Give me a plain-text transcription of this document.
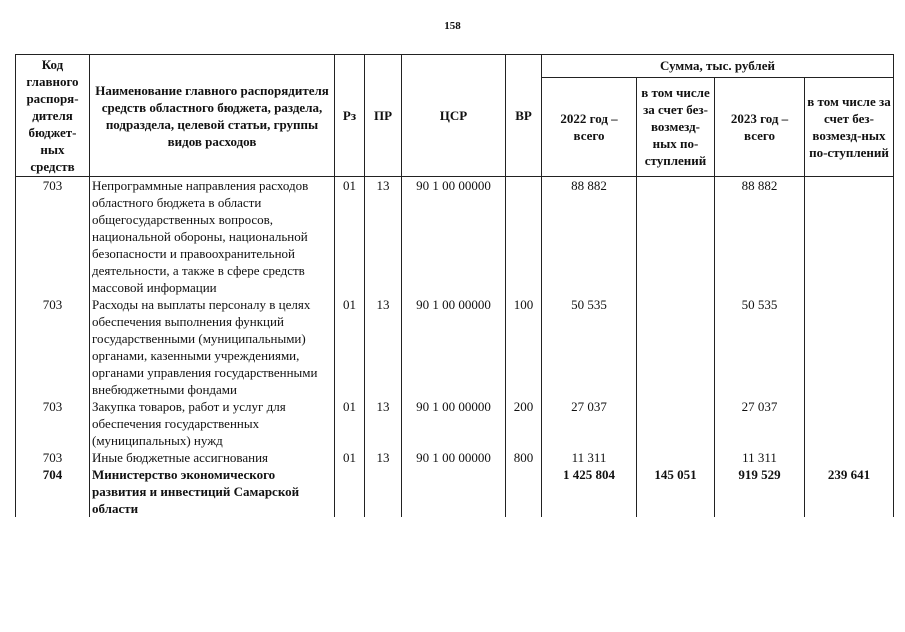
158
Код главного распоря-дителя бюджет-ных средств	Наименование главного распорядителя средств областного бюджета, раздела, подраздела, целевой статьи, группы видов расходов	Рз	ПР	ЦСР	ВР	Сумма, тыс. рублей			
						2022 год – всего	в том числе за счет без-возмезд-ных по-ступлений	2023 год – всего	в том числе за счет без-возмезд-ных по-ступлений
703	Непрограммные направления расходов областного бюджета в области общегосударственных вопросов, национальной обороны, национальной безопасности и правоохранительной деятельности, а также в сфере средств массовой информации	01	13	90 1 00 00000		88 882		88 882	
703	Расходы на выплаты персоналу в целях обеспечения выполнения функций государственными (муниципальными) органами, казенными учреждениями, органами управления государственными внебюджетными фондами	01	13	90 1 00 00000	100	50 535		50 535	
703	Закупка товаров, работ и услуг для обеспечения государственных (муниципальных) нужд	01	13	90 1 00 00000	200	27 037		27 037	
703	Иные бюджетные ассигнования	01	13	90 1 00 00000	800	11 311		11 311	
704	Министерство экономического развития и инвестиций Самарской области					1 425 804	145 051	919 529	239 641
